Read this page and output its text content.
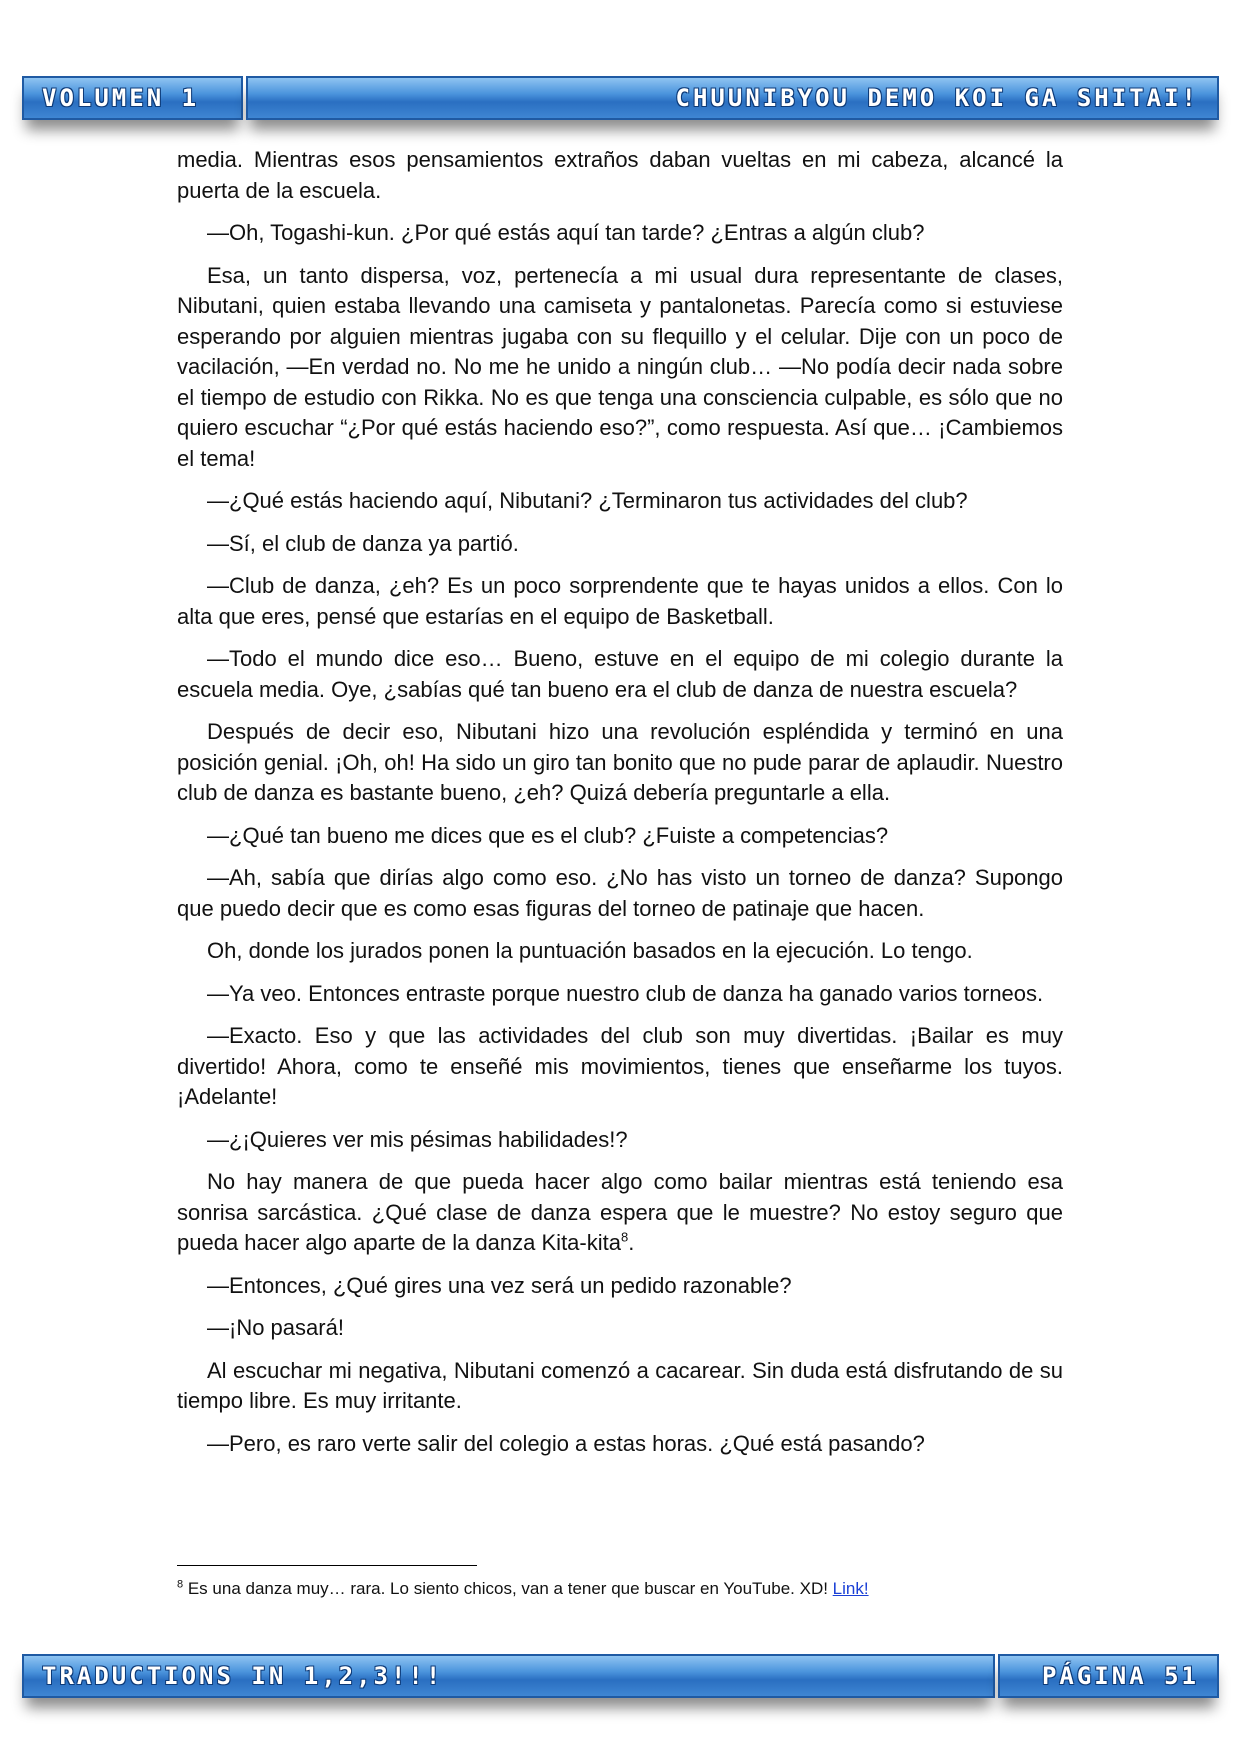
VOLUMEN 1	CHUUNIBYOU DEMO KOI GA SHITAI!

media. Mientras esos pensamientos extraños daban vueltas en mi cabeza, alcancé la puerta de la escuela.

—Oh, Togashi-kun. ¿Por qué estás aquí tan tarde? ¿Entras a algún club?

Esa, un tanto dispersa, voz, pertenecía a mi usual dura representante de clases, Nibutani, quien estaba llevando una camiseta y pantalonetas. Parecía como si estuviese esperando por alguien mientras jugaba con su flequillo y el celular. Dije con un poco de vacilación, —En verdad no. No me he unido a ningún club… —No podía decir nada sobre el tiempo de estudio con Rikka. No es que tenga una consciencia culpable, es sólo que no quiero escuchar “¿Por qué estás haciendo eso?”, como respuesta. Así que… ¡Cambiemos el tema!

—¿Qué estás haciendo aquí, Nibutani? ¿Terminaron tus actividades del club?

—Sí, el club de danza ya partió.

—Club de danza, ¿eh? Es un poco sorprendente que te hayas unidos a ellos. Con lo alta que eres, pensé que estarías en el equipo de Basketball.

—Todo el mundo dice eso… Bueno, estuve en el equipo de mi colegio durante la escuela media. Oye, ¿sabías qué tan bueno era el club de danza de nuestra escuela?

Después de decir eso, Nibutani hizo una revolución espléndida y terminó en una posición genial. ¡Oh, oh! Ha sido un giro tan bonito que no pude parar de aplaudir. Nuestro club de danza es bastante bueno, ¿eh? Quizá debería preguntarle a ella.

—¿Qué tan bueno me dices que es el club? ¿Fuiste a competencias?

—Ah, sabía que dirías algo como eso. ¿No has visto un torneo de danza? Supongo que puedo decir que es como esas figuras del torneo de patinaje que hacen.

Oh, donde los jurados ponen la puntuación basados en la ejecución. Lo tengo.

—Ya veo. Entonces entraste porque nuestro club de danza ha ganado varios torneos.

—Exacto. Eso y que las actividades del club son muy divertidas. ¡Bailar es muy divertido! Ahora, como te enseñé mis movimientos, tienes que enseñarme los tuyos. ¡Adelante!

—¿¡Quieres ver mis pésimas habilidades!?

No hay manera de que pueda hacer algo como bailar mientras está teniendo esa sonrisa sarcástica. ¿Qué clase de danza espera que le muestre? No estoy seguro que pueda hacer algo aparte de la danza Kita-kita$^8$.

—Entonces, ¿Qué gires una vez será un pedido razonable?

—¡No pasará!

Al escuchar mi negativa, Nibutani comenzó a cacarear. Sin duda está disfrutando de su tiempo libre. Es muy irritante.

—Pero, es raro verte salir del colegio a estas horas. ¿Qué está pasando?

$^8$ Es una danza muy… rara. Lo siento chicos, van a tener que buscar en YouTube. XD! Link!
TRADUCTIONS IN 1,2,3!!!	PÁGINA 51
